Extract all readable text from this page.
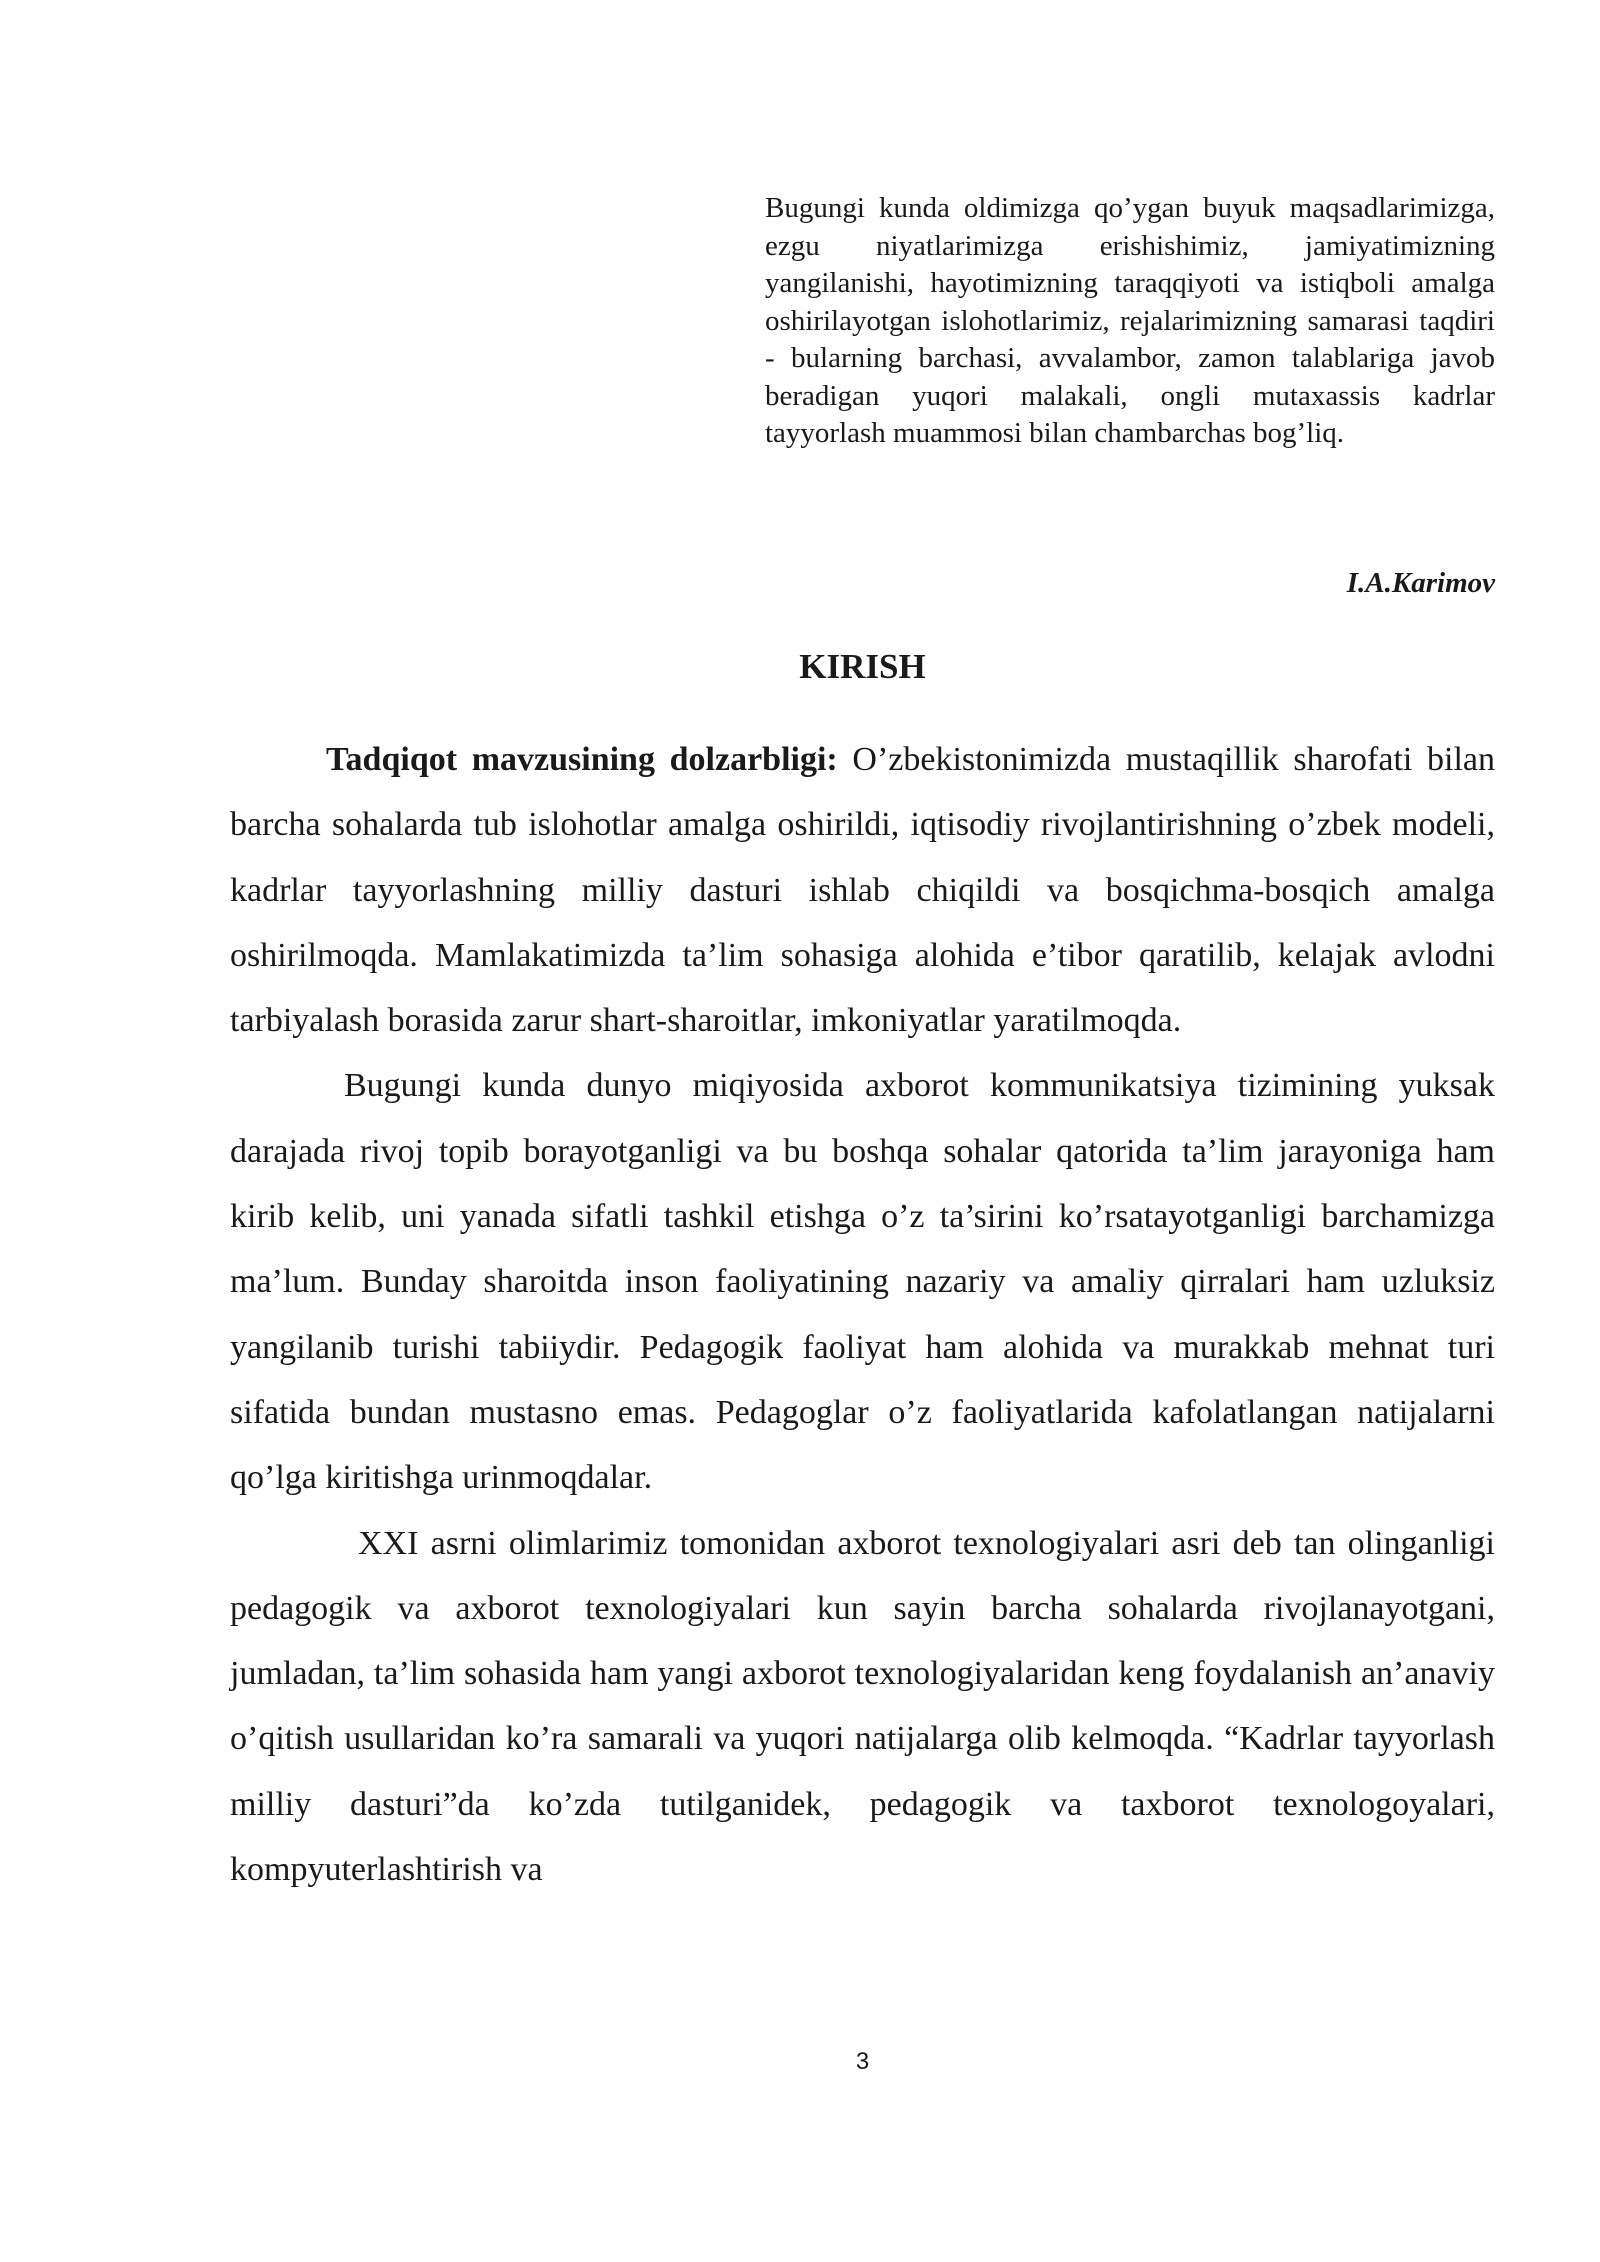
Bugungi kunda oldimizga qo’ygan buyuk maqsadlarimizga, ezgu niyatlarimizga erishishimiz, jamiyatimizning yangilanishi, hayotimizning taraqqiyoti va istiqboli amalga oshirilayotgan islohotlarimiz, rejalarimizning samarasi taqdiri - bularning barchasi, avvalambor, zamon talablariga javob beradigan yuqori malakali, ongli mutaxassis kadrlar tayyorlash muammosi bilan chambarchas bog’liq.
I.A.Karimov
KIRISH

Tadqiqot mavzusining dolzarbligi: O’zbekistonimizda mustaqillik sharofati bilan barcha sohalarda tub islohotlar amalga oshirildi, iqtisodiy rivojlantirishning o’zbek modeli, kadrlar tayyorlashning milliy dasturi ishlab chiqildi va bosqichma-bosqich amalga oshirilmoqda. Mamlakatimizda ta’lim sohasiga alohida e’tibor qaratilib, kelajak avlodni tarbiyalash borasida zarur shart-sharoitlar, imkoniyatlar yaratilmoqda.

Bugungi kunda dunyo miqiyosida axborot kommunikatsiya tizimining yuksak darajada rivoj topib borayotganligi va bu boshqa sohalar qatorida ta’lim jarayoniga ham kirib kelib, uni yanada sifatli tashkil etishga o’z ta’sirini ko’rsatayotganligi barchamizga ma’lum. Bunday sharoitda inson faoliyatining nazariy va amaliy qirralari ham uzluksiz yangilanib turishi tabiiydir. Pedagogik faoliyat ham alohida va murakkab mehnat turi sifatida bundan mustasno emas. Pedagoglar o’z faoliyatlarida kafolatlangan natijalarni qo’lga kiritishga urinmoqdalar.

XXI asrni olimlarimiz tomonidan axborot texnologiyalari asri deb tan olinganligi pedagogik va axborot texnologiyalari kun sayin barcha sohalarda rivojlanayotgani, jumladan, ta’lim sohasida ham yangi axborot texnologiyalaridan keng foydalanish an’anaviy o’qitish usullaridan ko’ra samarali va yuqori natijalarga olib kelmoqda. “Kadrlar tayyorlash milliy dasturi”da ko’zda tutilganidek, pedagogik va taxborot texnologoyalari, kompyuterlashtirish va

3
